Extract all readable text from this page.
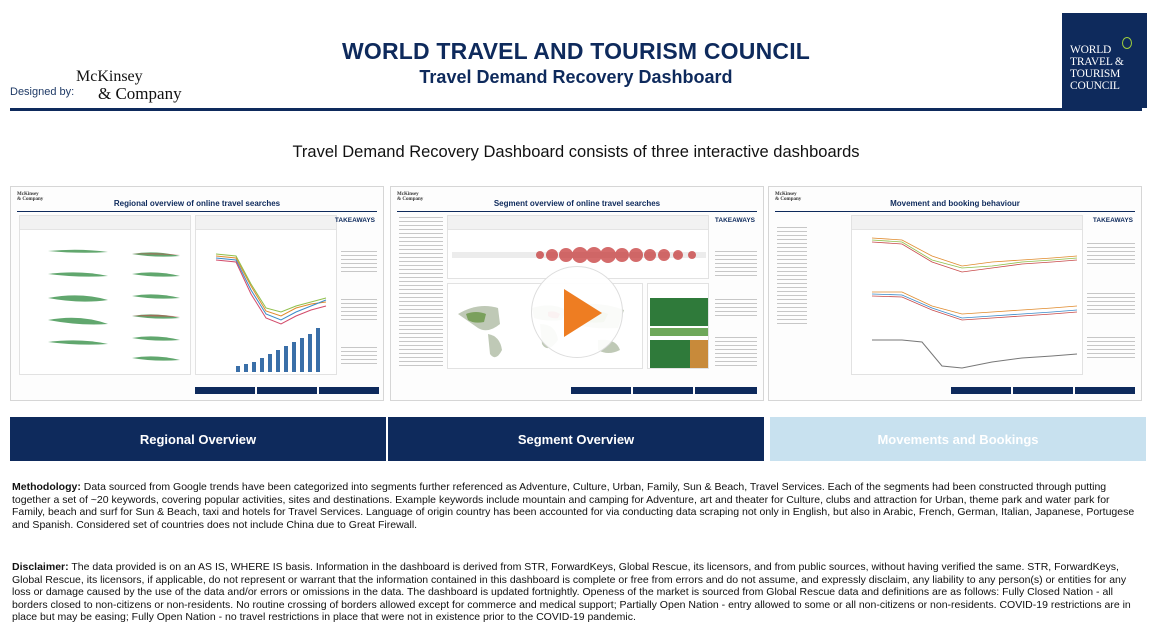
Designed by:
McKinsey
& Company
WORLD TRAVEL AND TOURISM COUNCIL
Travel Demand Recovery Dashboard
WORLD
TRAVEL &
TOURISM
COUNCIL
Travel Demand Recovery Dashboard consists of three interactive dashboards
McKinsey
& Company	Regional overview of online travel searches
TAKEAWAYS
McKinsey
& Company	Segment overview of online travel searches
TAKEAWAYS
McKinsey
& Company	Movement and booking behaviour
TAKEAWAYS
Regional Overview	Segment Overview	Movements and Bookings
Methodology: Data sourced from Google trends have been categorized into segments further referenced as Adventure, Culture, Urban, Family, Sun & Beach, Travel Services. Each of the segments had been constructed through putting together a set of ~20 keywords, covering popular activities, sites and destinations. Example keywords include mountain and camping for Adventure, art and theater for Culture, clubs and attraction for Urban, theme park and water park for Family, beach and surf for Sun & Beach, taxi and hotels for Travel Services. Language of origin country has been accounted for via conducting data scraping not only in English, but also in Arabic, French, German, Italian, Japanese, Portugese and Spanish. Considered set of countries does not include China due to Great Firewall.
Disclaimer: The data provided is on an AS IS, WHERE IS basis. Information in the dashboard is derived from STR, ForwardKeys, Global Rescue, its licensors, and from public sources, without having verified the same. STR, ForwardKeys, Global Rescue, its licensors, if applicable, do not represent or warrant that the information contained in this dashboard is complete or free from errors and do not assume, and expressly disclaim, any liability to any person(s) or entities for any loss or damage caused by the use of the data and/or errors or omissions in the data. The dashboard is updated fortnightly. Openess of the market is sourced from Global Rescue data and definitions are as follows: Fully Closed Nation - all borders closed to non-citizens or non-residents. No routine crossing of borders allowed except for commerce and medical support; Partially Open Nation - entry allowed to some or all non-citizens or non-residents. COVID-19 restrictions are in place but may be easing; Fully Open Nation - no travel restrictions in place that were not in existence prior to the COVID-19 pandemic.
